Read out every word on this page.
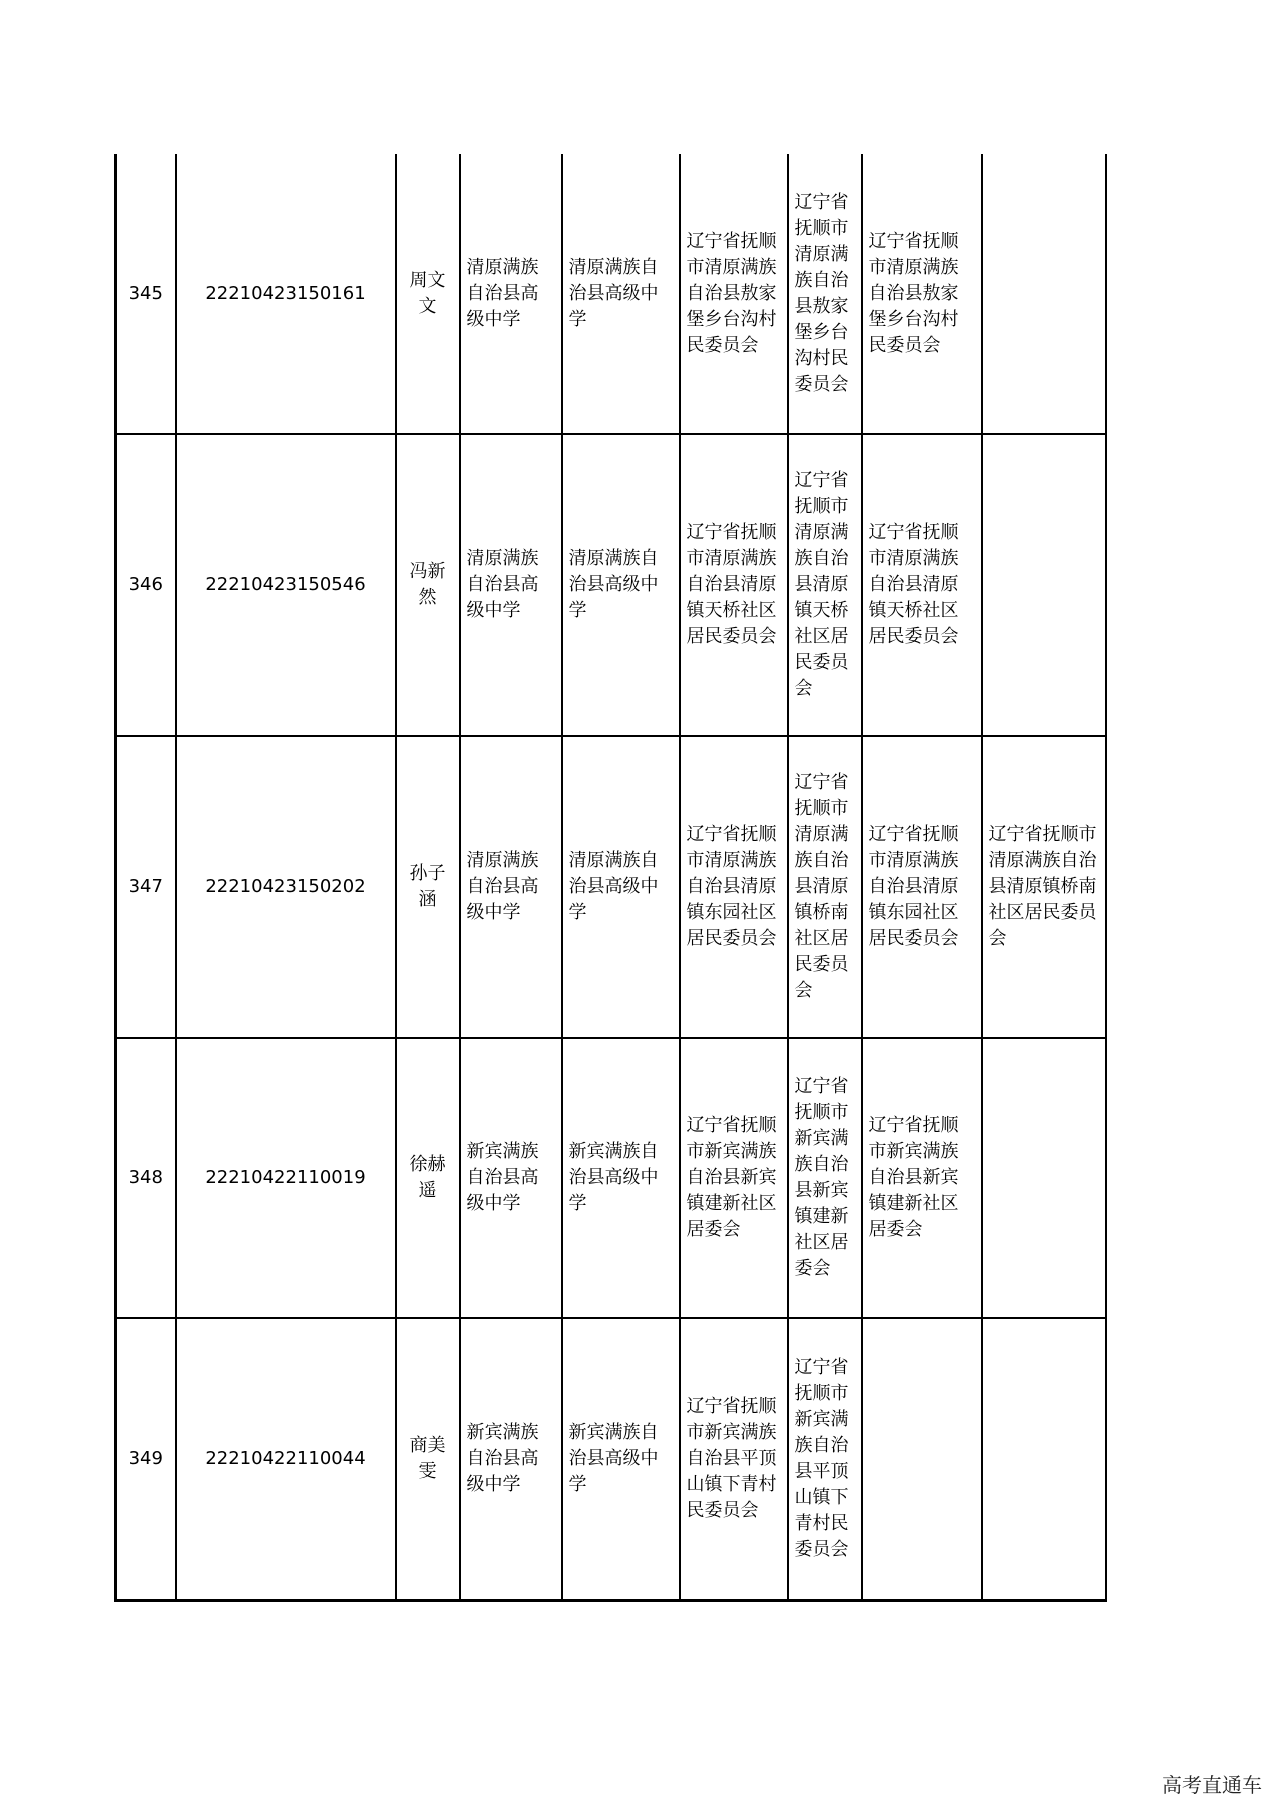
345	22210423150161	周文文	清原满族自治县高级中学	清原满族自治县高级中学	辽宁省抚顺市清原满族自治县敖家堡乡台沟村民委员会	辽宁省抚顺市清原满族自治县敖家堡乡台沟村民委员会	辽宁省抚顺市清原满族自治县敖家堡乡台沟村民委员会	
346	22210423150546	冯新然	清原满族自治县高级中学	清原满族自治县高级中学	辽宁省抚顺市清原满族自治县清原镇天桥社区居民委员会	辽宁省抚顺市清原满族自治县清原镇天桥社区居民委员会	辽宁省抚顺市清原满族自治县清原镇天桥社区居民委员会	
347	22210423150202	孙子涵	清原满族自治县高级中学	清原满族自治县高级中学	辽宁省抚顺市清原满族自治县清原镇东园社区居民委员会	辽宁省抚顺市清原满族自治县清原镇桥南社区居民委员会	辽宁省抚顺市清原满族自治县清原镇东园社区居民委员会	辽宁省抚顺市清原满族自治县清原镇桥南社区居民委员会
348	22210422110019	徐赫遥	新宾满族自治县高级中学	新宾满族自治县高级中学	辽宁省抚顺市新宾满族自治县新宾镇建新社区居委会	辽宁省抚顺市新宾满族自治县新宾镇建新社区居委会	辽宁省抚顺市新宾满族自治县新宾镇建新社区居委会	
349	22210422110044	商美雯	新宾满族自治县高级中学	新宾满族自治县高级中学	辽宁省抚顺市新宾满族自治县平顶山镇下青村民委员会	辽宁省抚顺市新宾满族自治县平顶山镇下青村民委员会		
高考直通车
